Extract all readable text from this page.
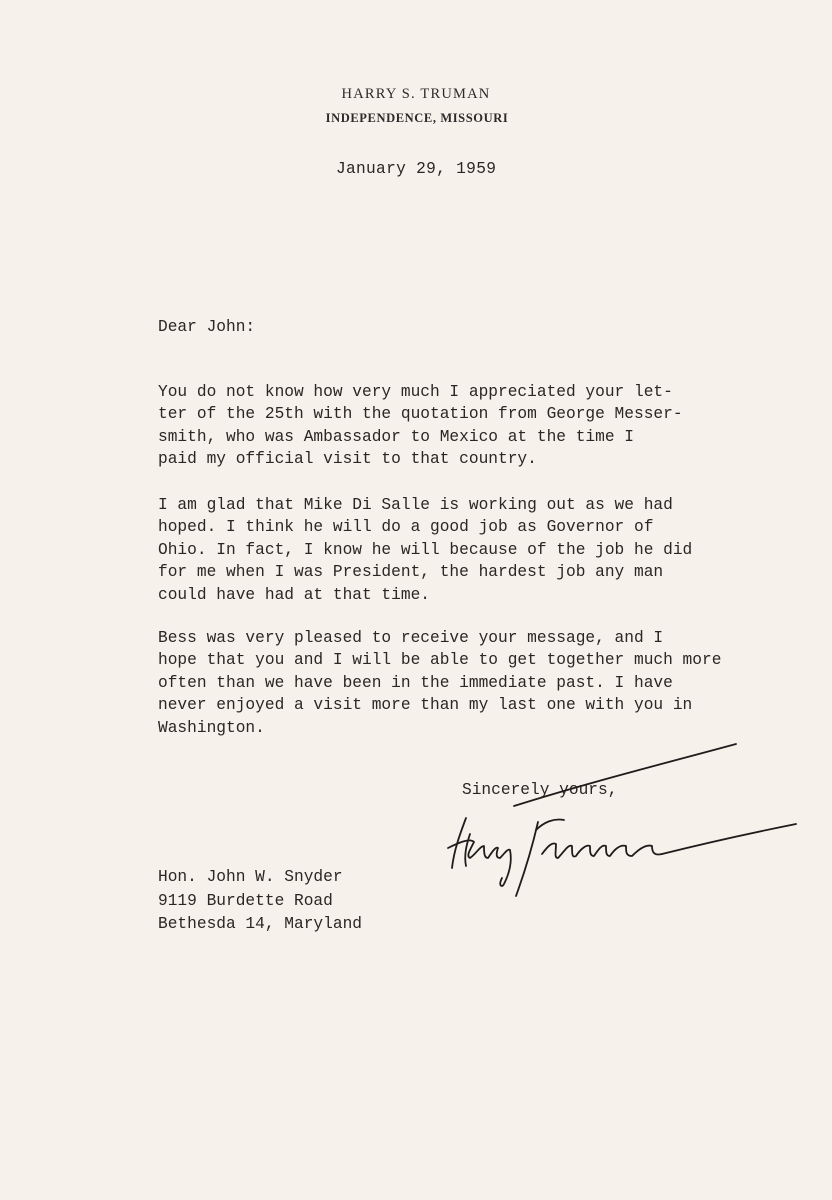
HARRY S. TRUMAN
INDEPENDENCE, MISSOURI
January 29, 1959
Dear John:
You do not know how very much I appreciated your let-
ter of the 25th with the quotation from George Messer-
smith, who was Ambassador to Mexico at the time I
paid my official visit to that country.
I am glad that Mike Di Salle is working out as we had
hoped. I think he will do a good job as Governor of
Ohio. In fact, I know he will because of the job he did
for me when I was President, the hardest job any man
could have had at that time.
Bess was very pleased to receive your message, and I
hope that you and I will be able to get together much more
often than we have been in the immediate past. I have
never enjoyed a visit more than my last one with you in
Washington.
Sincerely yours,
Hon. John W. Snyder
9119 Burdette Road
Bethesda 14, Maryland
